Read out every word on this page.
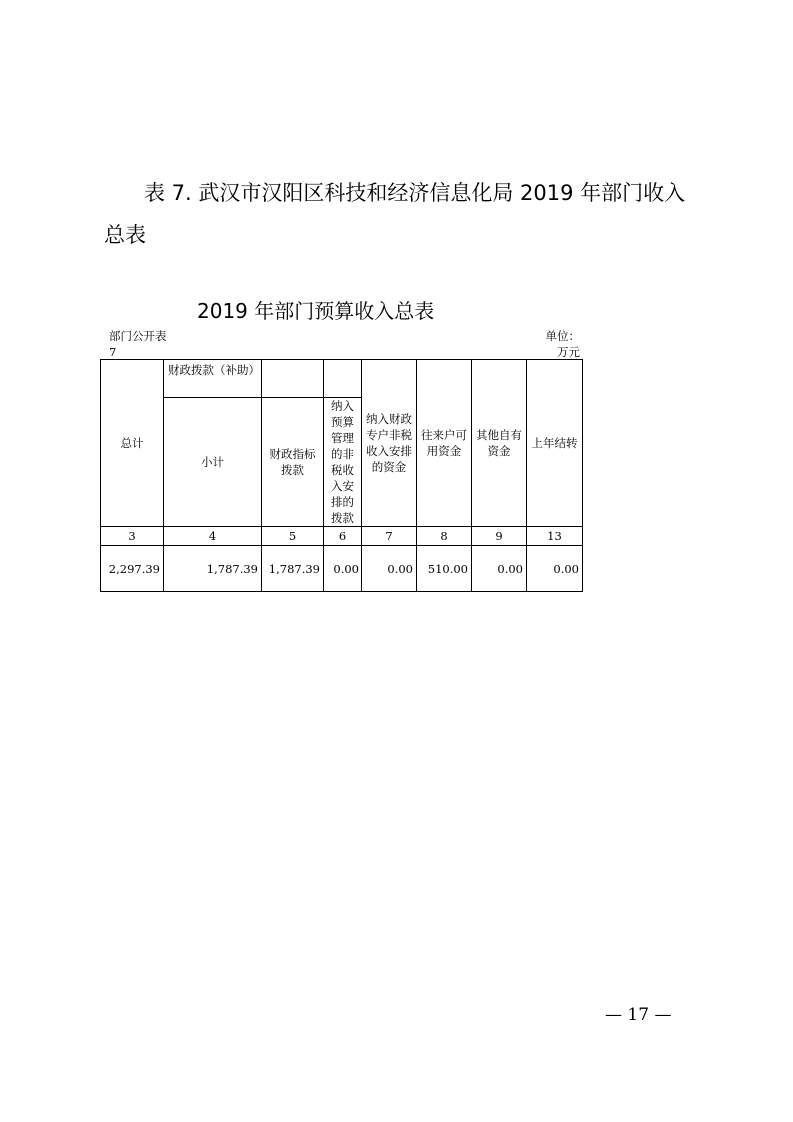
表 7. 武汉市汉阳区科技和经济信息化局 2019 年部门收入
总表
2019 年部门预算收入总表
部门公开表 7
单位：万元
总计	财政拨款（补助）			纳入财政专户非税收入安排的资金	往来户可用资金	其他自有资金	上年结转
	小计	财政指标拨款	纳入预算管理的非税收入安排的拨款				
3	4	5	6	7	8	9	13
2,297.39	1,787.39	1,787.39	0.00	0.00	510.00	0.00	0.00
— 17 —
